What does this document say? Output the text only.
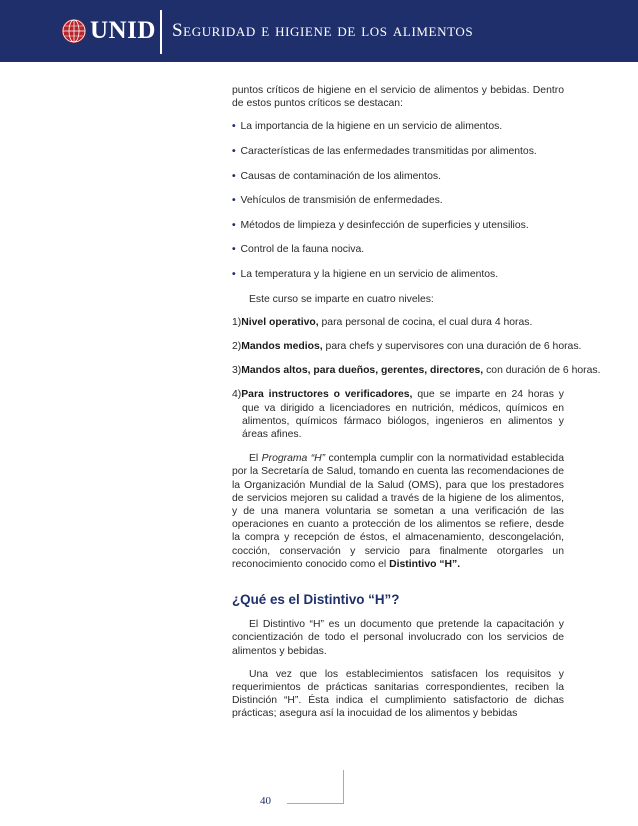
UNID Seguridad e higiene de los alimentos

puntos críticos de higiene en el servicio de alimentos y bebidas. Dentro de estos puntos críticos se destacan:

• La importancia de la higiene en un servicio de alimentos.
• Características de las enfermedades transmitidas por alimentos.
• Causas de contaminación de los alimentos.
• Vehículos de transmisión de enfermedades.
• Métodos de limpieza y desinfección de superficies y utensilios.
• Control de la fauna nociva.
• La temperatura y la higiene en un servicio de alimentos.

Este curso se imparte en cuatro niveles:

1)Nivel operativo, para personal de cocina, el cual dura 4 horas.
2)Mandos medios, para chefs y supervisores con una duración de 6 horas.
3)Mandos altos, para dueños, gerentes, directores, con duración de 6 horas.
4)Para instructores o verificadores, que se imparte en 24 horas y que va dirigido a licenciadores en nutrición, médicos, químicos en alimentos, químicos fármaco biólogos, ingenieros en alimentos y áreas afines.

El Programa “H” contempla cumplir con la normatividad establecida por la Secretaría de Salud, tomando en cuenta las recomendaciones de la Organización Mundial de la Salud (OMS), para que los prestadores de servicios mejoren su calidad a través de la higiene de los alimentos, y de una manera voluntaria se sometan a una verificación de las operaciones en cuanto a protección de los alimentos se refiere, desde la compra y recepción de éstos, el almacenamiento, descongelación, cocción, conservación y servicio para finalmente otorgarles un reconocimiento conocido como el Distintivo “H”.

¿Qué es el Distintivo “H”?

El Distintivo “H” es un documento que pretende la capacitación y concientización de todo el personal involucrado con los servicios de alimentos y bebidas.

Una vez que los establecimientos satisfacen los requisitos y requerimientos de prácticas sanitarias correspondientes, reciben la Distinción “H”. Ésta indica el cumplimiento satisfactorio de dichas prácticas; asegura así la inocuidad de los alimentos y bebidas

40
